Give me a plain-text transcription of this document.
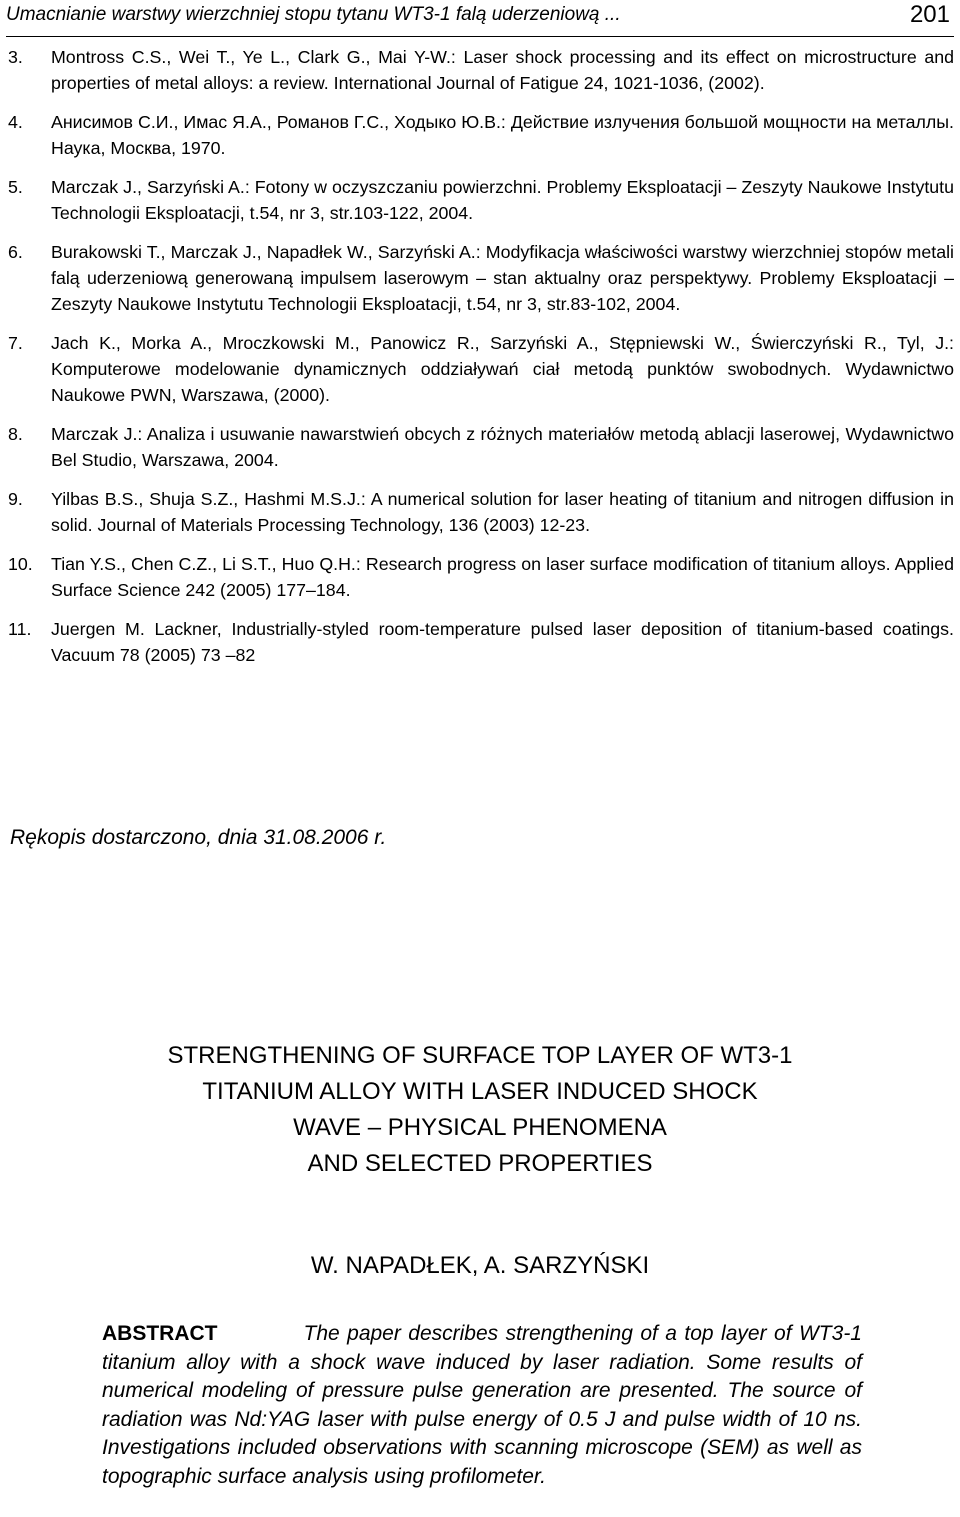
Umacnianie warstwy wierzchniej stopu tytanu WT3-1 falą uderzeniową ...	201
3. Montross C.S., Wei T., Ye L., Clark G., Mai Y-W.: Laser shock processing and its effect on microstructure and properties of metal alloys: a review. International Journal of Fatigue 24, 1021-1036, (2002).
4. Анисимов С.И., Имас Я.А., Романов Г.С., Ходыко Ю.В.: Действие излучения большой мощности на металлы. Наука, Москва, 1970.
5. Marczak J., Sarzyński A.: Fotony w oczyszczaniu powierzchni. Problemy Eksploatacji – Zeszyty Naukowe Instytutu Technologii Eksploatacji, t.54, nr 3, str.103-122, 2004.
6. Burakowski T., Marczak J., Napadłek W., Sarzyński A.: Modyfikacja właściwości warstwy wierzchniej stopów metali falą uderzeniową generowaną impulsem laserowym – stan aktualny oraz perspektywy. Problemy Eksploatacji – Zeszyty Naukowe Instytutu Technologii Eksploatacji, t.54, nr 3, str.83-102, 2004.
7. Jach K., Morka A., Mroczkowski M., Panowicz R., Sarzyński A., Stępniewski W., Świerczyński R., Tyl, J.: Komputerowe modelowanie dynamicznych oddziaływań ciał metodą punktów swobodnych. Wydawnictwo Naukowe PWN, Warszawa, (2000).
8. Marczak J.: Analiza i usuwanie nawarstwień obcych z różnych materiałów metodą ablacji laserowej, Wydawnictwo Bel Studio, Warszawa, 2004.
9. Yilbas B.S., Shuja S.Z., Hashmi M.S.J.: A numerical solution for laser heating of titanium and nitrogen diffusion in solid. Journal of Materials Processing Technology, 136 (2003) 12-23.
10. Tian Y.S., Chen C.Z., Li S.T., Huo Q.H.: Research progress on laser surface modification of titanium alloys. Applied Surface Science 242 (2005) 177–184.
11. Juergen M. Lackner, Industrially-styled room-temperature pulsed laser deposition of titanium-based coatings. Vacuum 78 (2005) 73 –82
Rękopis dostarczono, dnia 31.08.2006 r.
STRENGTHENING OF SURFACE TOP LAYER OF WT3-1
TITANIUM ALLOY WITH LASER INDUCED SHOCK
WAVE – PHYSICAL PHENOMENA
AND SELECTED PROPERTIES
W. NAPADŁEK, A. SARZYŃSKI
ABSTRACT	The paper describes strengthening of a top layer of WT3-1 titanium alloy with a shock wave induced by laser radiation. Some results of numerical modeling of pressure pulse generation are presented. The source of radiation was Nd:YAG laser with pulse energy of 0.5 J and pulse width of 10 ns. Investigations included observations with scanning microscope (SEM) as well as topographic surface analysis using profilometer.
